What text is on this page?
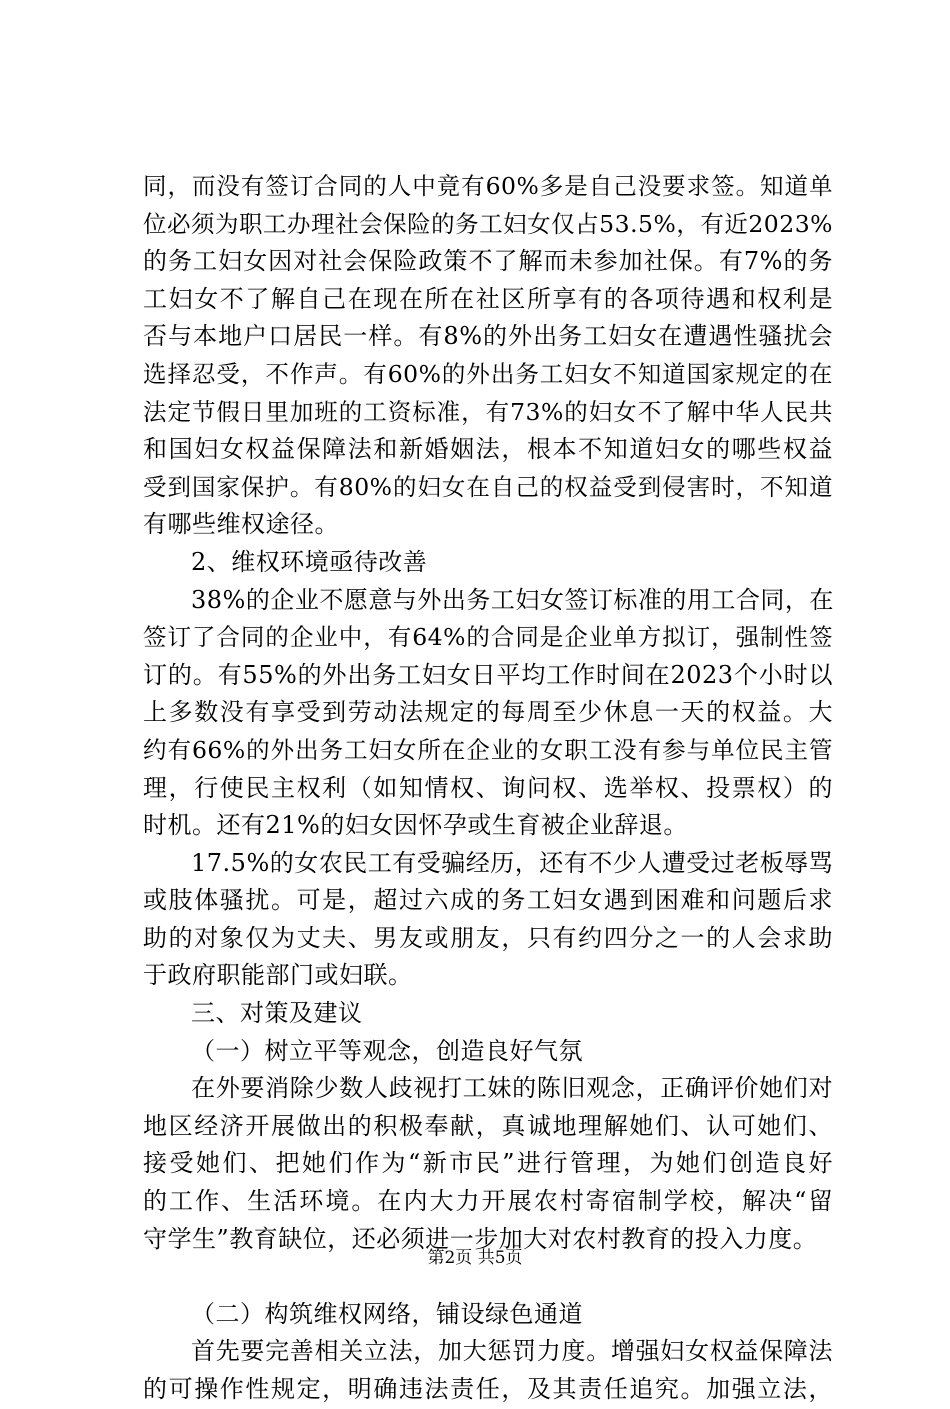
同，而没有签订合同的人中竟有60%多是自己没要求签。知道单
位必须为职工办理社会保险的务工妇女仅占53.5%，有近2023%
的务工妇女因对社会保险政策不了解而未参加社保。有7%的务
工妇女不了解自己在现在所在社区所享有的各项待遇和权利是
否与本地户口居民一样。有8%的外出务工妇女在遭遇性骚扰会
选择忍受，不作声。有60%的外出务工妇女不知道国家规定的在
法定节假日里加班的工资标准，有73%的妇女不了解中华人民共
和国妇女权益保障法和新婚姻法，根本不知道妇女的哪些权益
受到国家保护。有80%的妇女在自己的权益受到侵害时，不知道
有哪些维权途径。
2、维权环境亟待改善
38%的企业不愿意与外出务工妇女签订标准的用工合同，在
签订了合同的企业中，有64%的合同是企业单方拟订，强制性签
订的。有55%的外出务工妇女日平均工作时间在2023个小时以
上多数没有享受到劳动法规定的每周至少休息一天的权益。大
约有66%的外出务工妇女所在企业的女职工没有参与单位民主管
理，行使民主权利（如知情权、询问权、选举权、投票权）的
时机。还有21%的妇女因怀孕或生育被企业辞退。
17.5%的女农民工有受骗经历，还有不少人遭受过老板辱骂
或肢体骚扰。可是，超过六成的务工妇女遇到困难和问题后求
助的对象仅为丈夫、男友或朋友，只有约四分之一的人会求助
于政府职能部门或妇联。
三、对策及建议
（一）树立平等观念，创造良好气氛
在外要消除少数人歧视打工妹的陈旧观念，正确评价她们对
地区经济开展做出的积极奉献，真诚地理解她们、认可她们、
接受她们、把她们作为“新市民”进行管理，为她们创造良好
的工作、生活环境。在内大力开展农村寄宿制学校，解决“留
守学生”教育缺位，还必须进一步加大对农村教育的投入力度。
（二）构筑维权网络，铺设绿色通道
首先要完善相关立法，加大惩罚力度。增强妇女权益保障法
的可操作性规定，明确违法责任，及其责任追究。加强立法，
第2页 共5页
